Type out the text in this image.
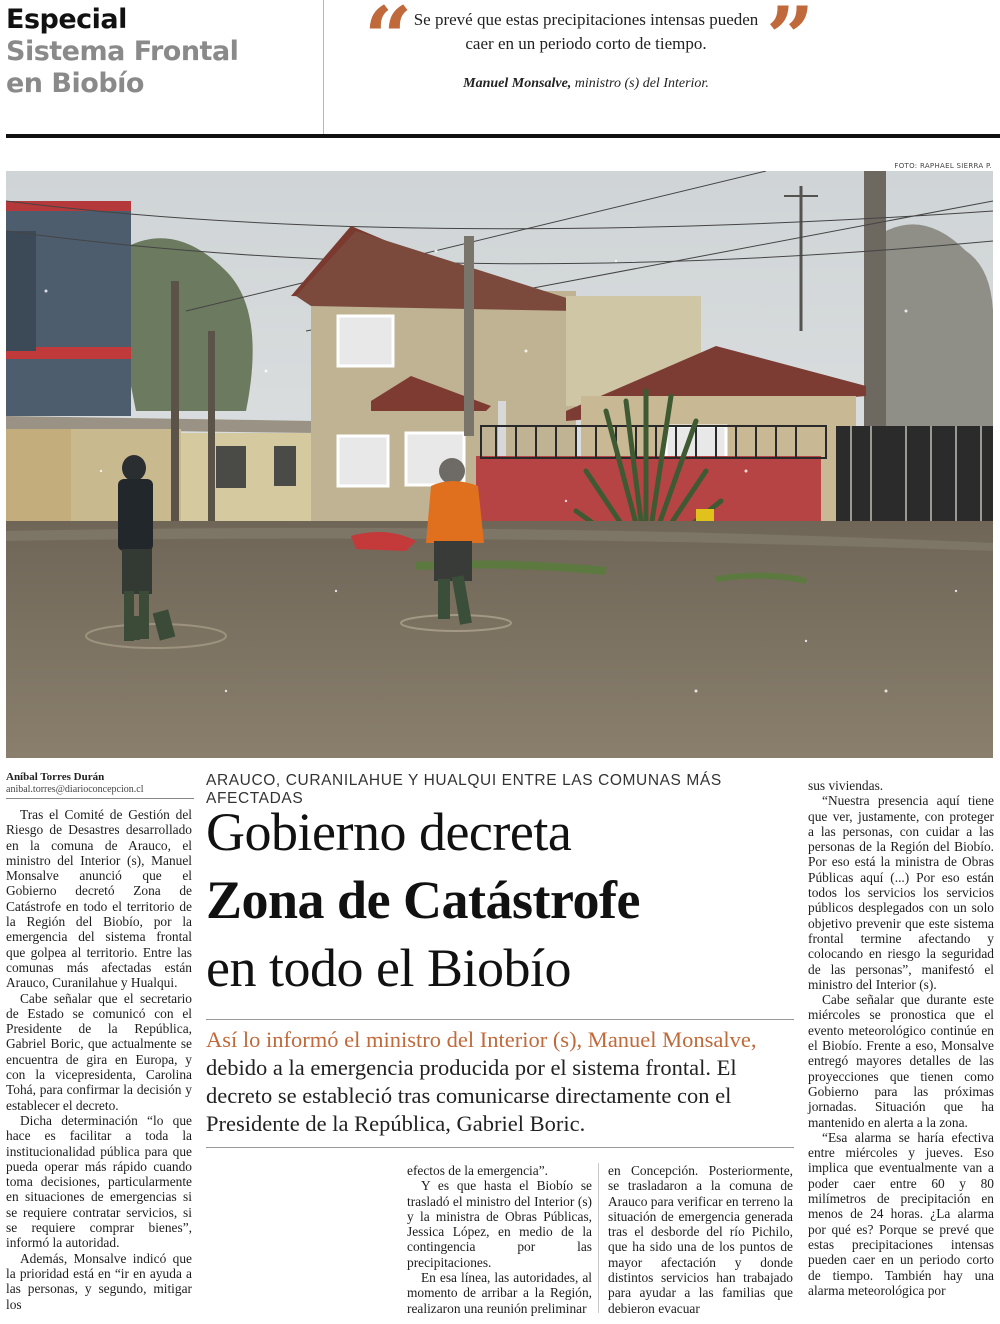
Especial
Sistema Frontal
en Biobío	“ Se prevé que estas precipitaciones intensas pueden caer en un periodo corto de tiempo. ”
Manuel Monsalve, ministro (s) del Interior.
FOTO: RAPHAEL SIERRA P.
Aníbal Torres Durán
anibal.torres@diarioconcepcion.cl

Tras el Comité de Gestión del Riesgo de Desastres desarrollado en la comuna de Arauco, el ministro del Interior (s), Manuel Monsalve anunció que el Gobierno decretó Zona de Catástrofe en todo el territorio de la Región del Biobío, por la emergencia del sistema frontal que golpea al territorio. Entre las comunas más afectadas están Arauco, Curanilahue y Hualqui.

Cabe señalar que el secretario de Estado se comunicó con el Presidente de la República, Gabriel Boric, que actualmente se encuentra de gira en Europa, y con la vicepresidenta, Carolina Tohá, para confirmar la decisión y establecer el decreto.

Dicha determinación “lo que hace es facilitar a toda la institucionalidad pública para que pueda operar más rápido cuando toma decisiones, particularmente en situaciones de emergencias si se requiere contratar servicios, si se requiere comprar bienes”, informó la autoridad.

Además, Monsalve indicó que la prioridad está en “ir en ayuda a las personas, y segundo, mitigar los

ARAUCO, CURANILAHUE Y HUALQUI ENTRE LAS COMUNAS MÁS AFECTADAS
Gobierno decreta
Zona de Catástrofe
en todo el Biobío
Así lo informó el ministro del Interior (s), Manuel Monsalve, debido a la emergencia producida por el sistema frontal. El decreto se estableció tras comunicarse directamente con el Presidente de la República, Gabriel Boric.

efectos de la emergencia”.

Y es que hasta el Biobío se trasladó el ministro del Interior (s) y la ministra de Obras Públicas, Jessica López, en medio de la contingencia por las precipitaciones.

En esa línea, las autoridades, al momento de arribar a la Región, realizaron una reunión preliminar

en Concepción. Posteriormente, se trasladaron a la comuna de Arauco para verificar en terreno la situación de emergencia generada tras el desborde del río Pichilo, que ha sido una de los puntos de mayor afectación y donde distintos servicios han trabajado para ayudar a las familias que debieron evacuar

sus viviendas.

“Nuestra presencia aquí tiene que ver, justamente, con proteger a las personas, con cuidar a las personas de la Región del Biobío. Por eso está la ministra de Obras Públicas aquí (...) Por eso están todos los servicios los servicios públicos desplegados con un solo objetivo prevenir que este sistema frontal termine afectando y colocando en riesgo la seguridad de las personas”, manifestó el ministro del Interior (s).

Cabe señalar que durante este miércoles se pronostica que el evento meteorológico continúe en el Biobío. Frente a eso, Monsalve entregó mayores detalles de las proyecciones que tienen como Gobierno para las próximas jornadas. Situación que ha mantenido en alerta a la zona.

“Esa alarma se haría efectiva entre miércoles y jueves. Eso implica que eventualmente van a poder caer entre 60 y 80 milímetros de precipitación en menos de 24 horas. ¿La alarma por qué es? Porque se prevé que estas precipitaciones intensas pueden caer en un periodo corto de tiempo. También hay una alarma meteorológica por
